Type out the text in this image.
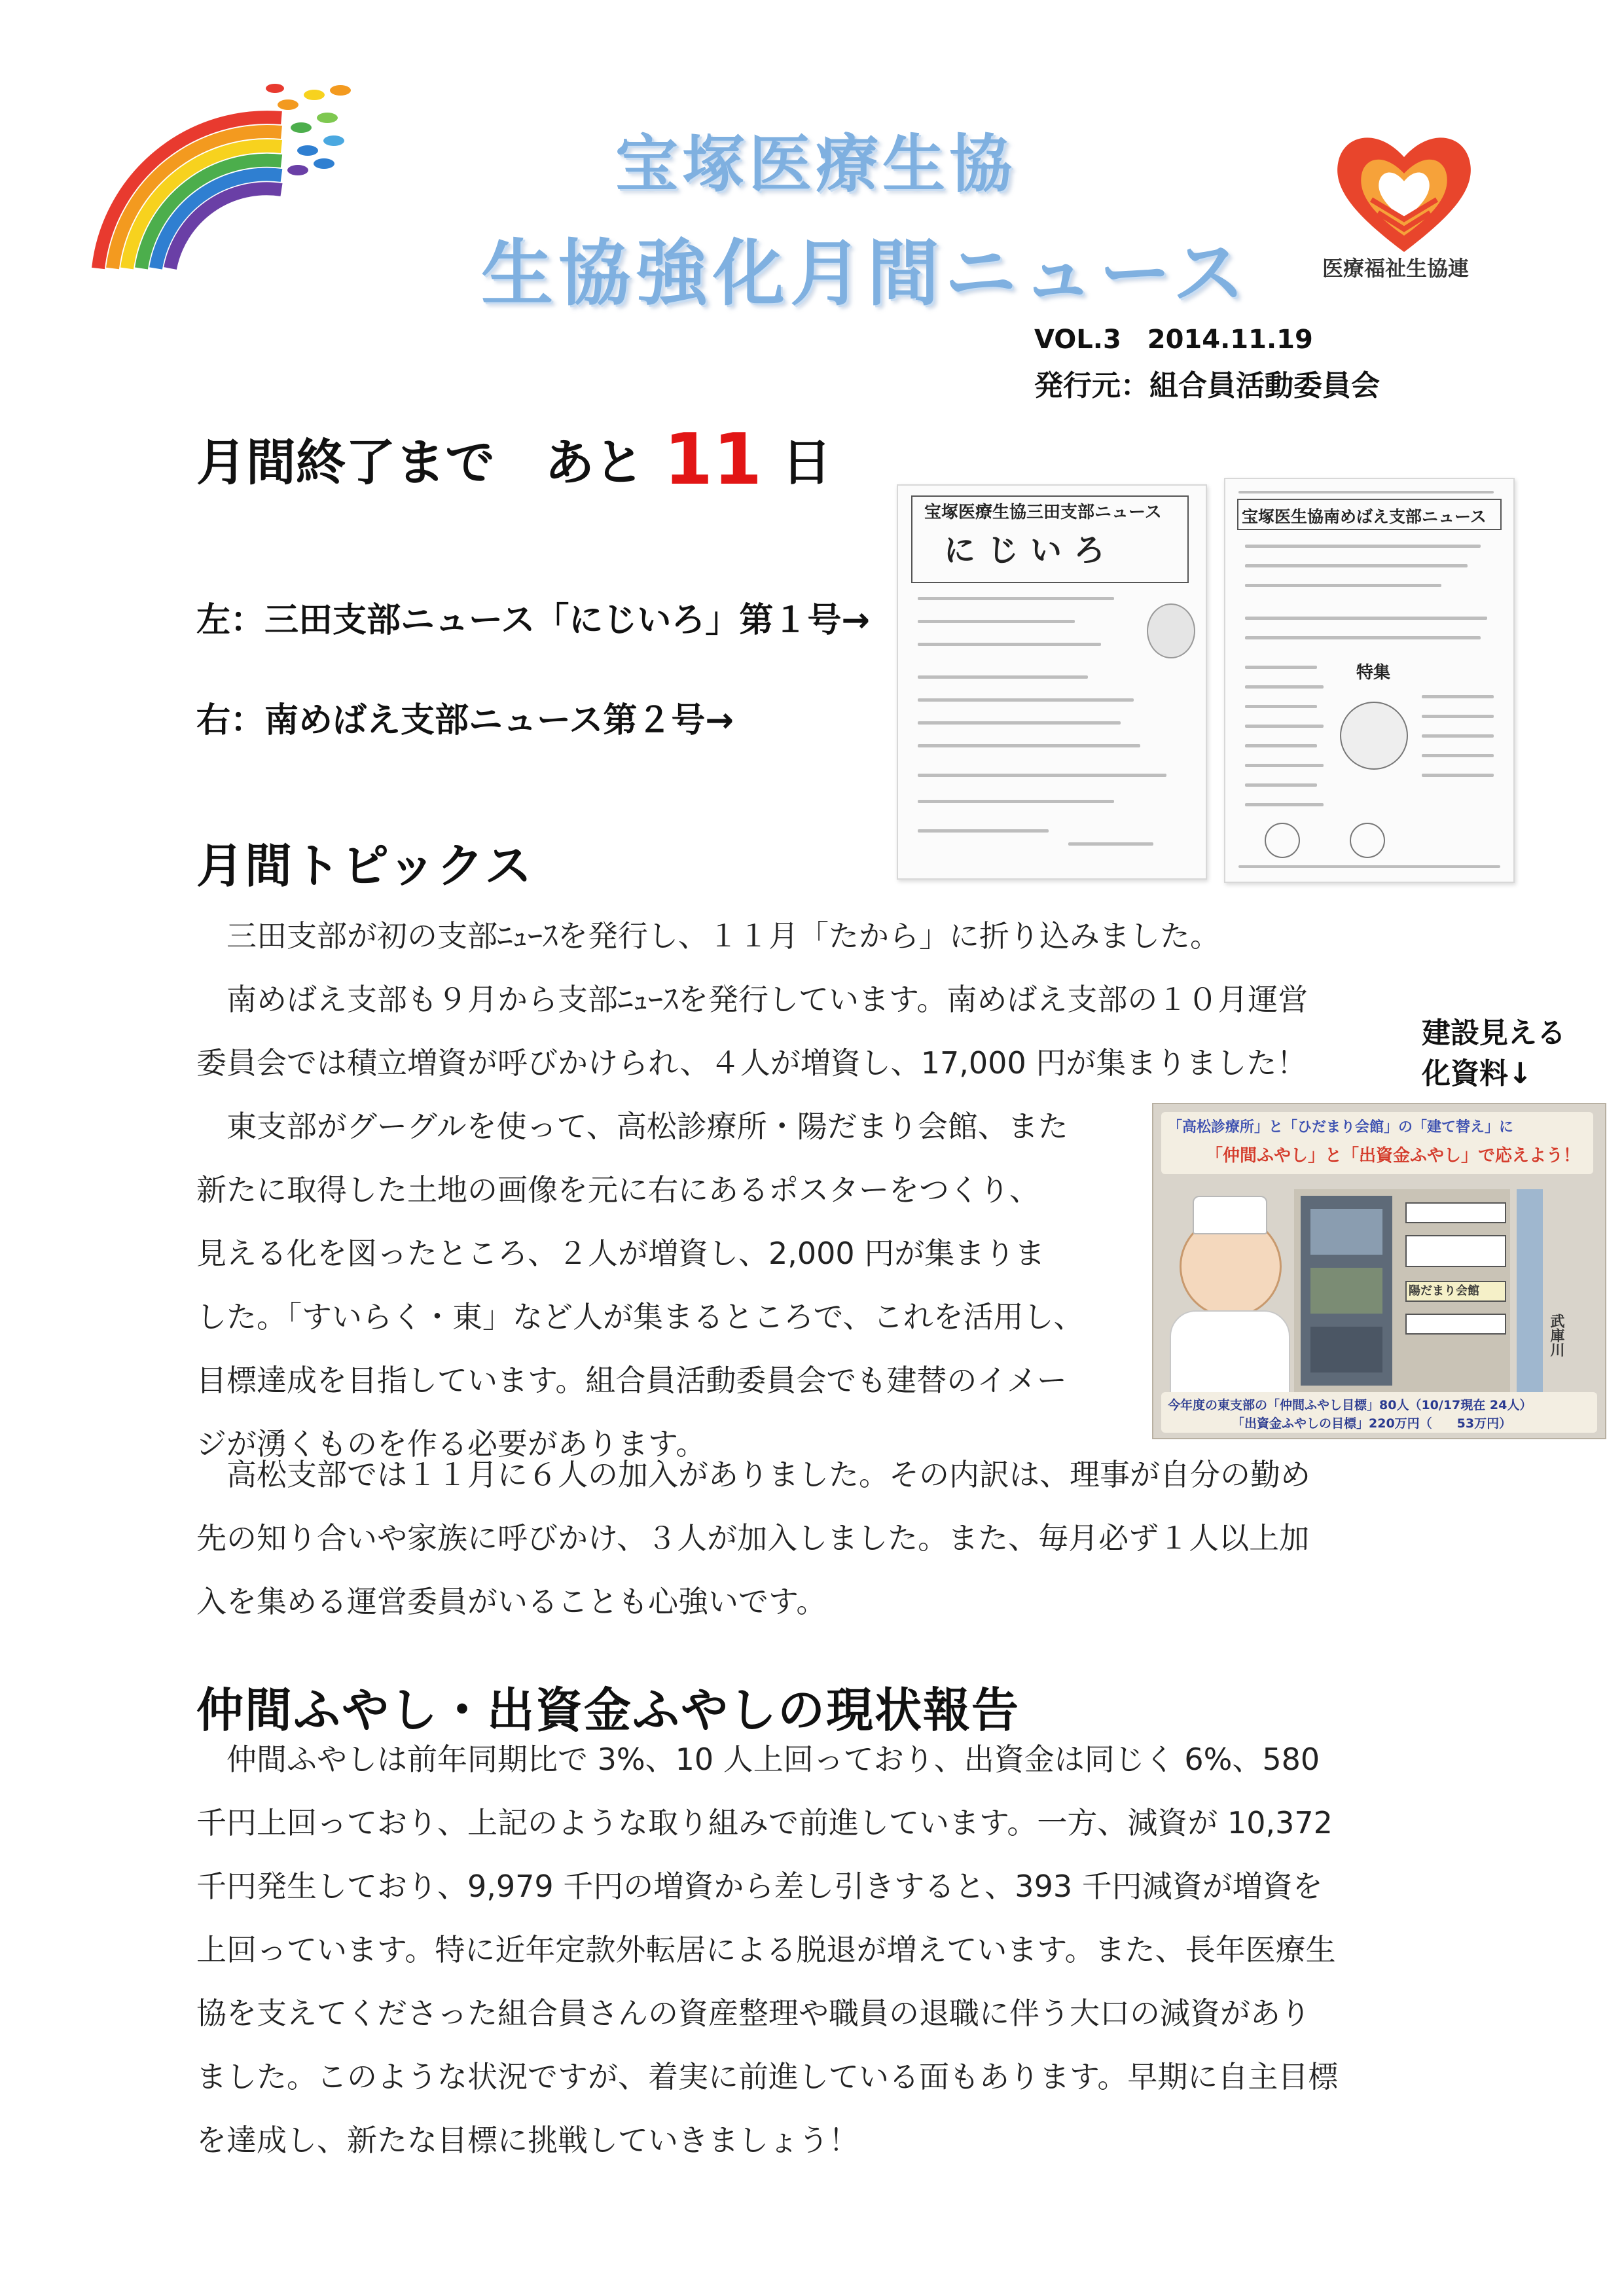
宝塚医療生協
生協強化月間ニュース	医療福祉生協連
VOL.3　2014.11.19
発行元：組合員活動委員会
月間終了まで　あと 11 日
左：三田支部ニュース「にじいろ」第１号→
右：南めばえ支部ニュース第２号→
宝塚医療生協三田支部ニュース
にじいろ
宝塚医生協南めばえ支部ニュース
特集
月間トピックス
　三田支部が初の支部ﾆｭｰｽを発行し、１１月「たから」に折り込みました。
　南めばえ支部も９月から支部ﾆｭｰｽを発行しています。南めばえ支部の１０月運営
委員会では積立増資が呼びかけられ、４人が増資し、17,000 円が集まりました！
　東支部がグーグルを使って、高松診療所・陽だまり会館、また
新たに取得した土地の画像を元に右にあるポスターをつくり、
見える化を図ったところ、２人が増資し、2,000 円が集まりま
した。「すいらく・東」など人が集まるところで、これを活用し、
目標達成を目指しています。組合員活動委員会でも建替のイメー
ジが湧くものを作る必要があります。
　高松支部では１１月に６人の加入がありました。その内訳は、理事が自分の勤め
先の知り合いや家族に呼びかけ、３人が加入しました。また、毎月必ず１人以上加
入を集める運営委員がいることも心強いです。
建設見える
化資料↓
「高松診療所」と「ひだまり会館」の「建て替え」に
「仲間ふやし」と「出資金ふやし」で応えよう！
陽だまり会館
武庫川
今年度の東支部の「仲間ふやし目標」80人（10/17現在 24人）
「出資金ふやしの目標」220万円（　　53万円）
仲間ふやし・出資金ふやしの現状報告
　仲間ふやしは前年同期比で 3%、10 人上回っており、出資金は同じく 6%、580
千円上回っており、上記のような取り組みで前進しています。一方、減資が 10,372
千円発生しており、9,979 千円の増資から差し引きすると、393 千円減資が増資を
上回っています。特に近年定款外転居による脱退が増えています。また、長年医療生
協を支えてくださった組合員さんの資産整理や職員の退職に伴う大口の減資があり
ました。このような状況ですが、着実に前進している面もあります。早期に自主目標
を達成し、新たな目標に挑戦していきましょう！
